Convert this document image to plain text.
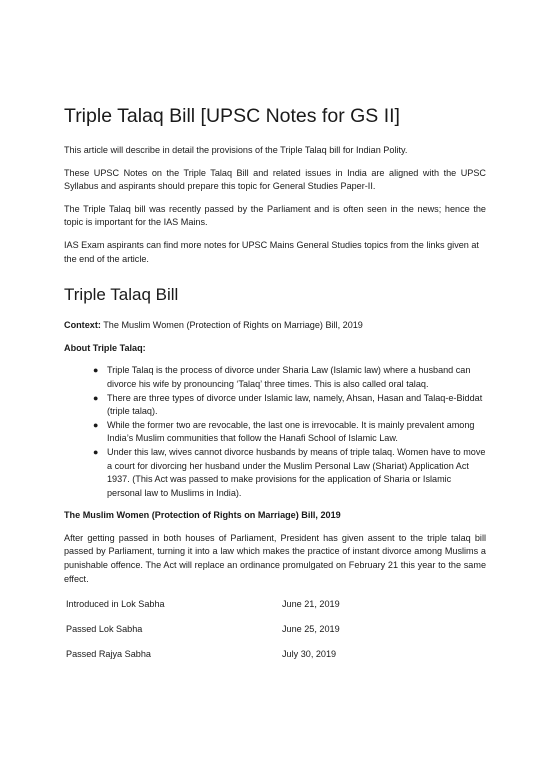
Triple Talaq Bill [UPSC Notes for GS II]

This article will describe in detail the provisions of the Triple Talaq bill for Indian Polity.

These UPSC Notes on the Triple Talaq Bill and related issues in India are aligned with the UPSC Syllabus and aspirants should prepare this topic for General Studies Paper-II.

The Triple Talaq bill was recently passed by the Parliament and is often seen in the news; hence the topic is important for the IAS Mains.

IAS Exam aspirants can find more notes for UPSC Mains General Studies topics from the links given at the end of the article.

Triple Talaq Bill

Context: The Muslim Women (Protection of Rights on Marriage) Bill, 2019

About Triple Talaq:

● Triple Talaq is the process of divorce under Sharia Law (Islamic law) where a husband can divorce his wife by pronouncing ‘Talaq’ three times. This is also called oral talaq.
● There are three types of divorce under Islamic law, namely, Ahsan, Hasan and Talaq-e-Biddat (triple talaq).
● While the former two are revocable, the last one is irrevocable. It is mainly prevalent among India’s Muslim communities that follow the Hanafi School of Islamic Law.
● Under this law, wives cannot divorce husbands by means of triple talaq. Women have to move a court for divorcing her husband under the Muslim Personal Law (Shariat) Application Act 1937. (This Act was passed to make provisions for the application of Sharia or Islamic personal law to Muslims in India).

The Muslim Women (Protection of Rights on Marriage) Bill, 2019

After getting passed in both houses of Parliament, President has given assent to the triple talaq bill passed by Parliament, turning it into a law which makes the practice of instant divorce among Muslims a punishable offence. The Act will replace an ordinance promulgated on February 21 this year to the same effect.

Introduced in Lok Sabha	June 21, 2019
Passed Lok Sabha	June 25, 2019
Passed Rajya Sabha	July 30, 2019
